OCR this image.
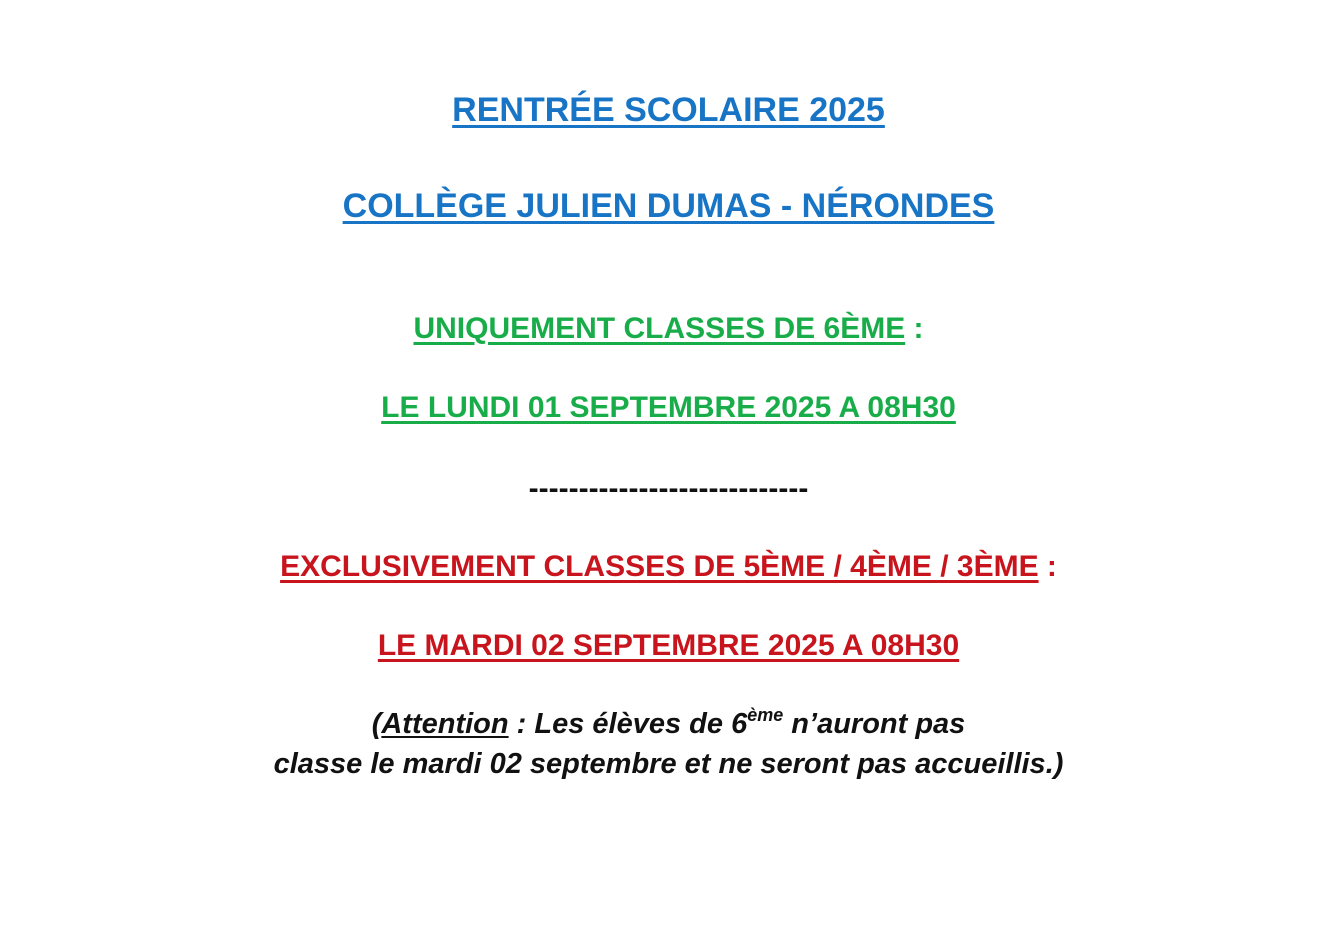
RENTRÉE SCOLAIRE 2025
COLLÈGE JULIEN DUMAS - NÉRONDES
UNIQUEMENT CLASSES DE 6ÈME :
LE LUNDI 01 SEPTEMBRE 2025 A 08H30
----------------------------
EXCLUSIVEMENT CLASSES DE 5ÈME / 4ÈME / 3ÈME :
LE MARDI 02 SEPTEMBRE 2025 A 08H30
(Attention : Les élèves de 6ème n’auront pas
classe le mardi 02 septembre et ne seront pas accueillis.)
